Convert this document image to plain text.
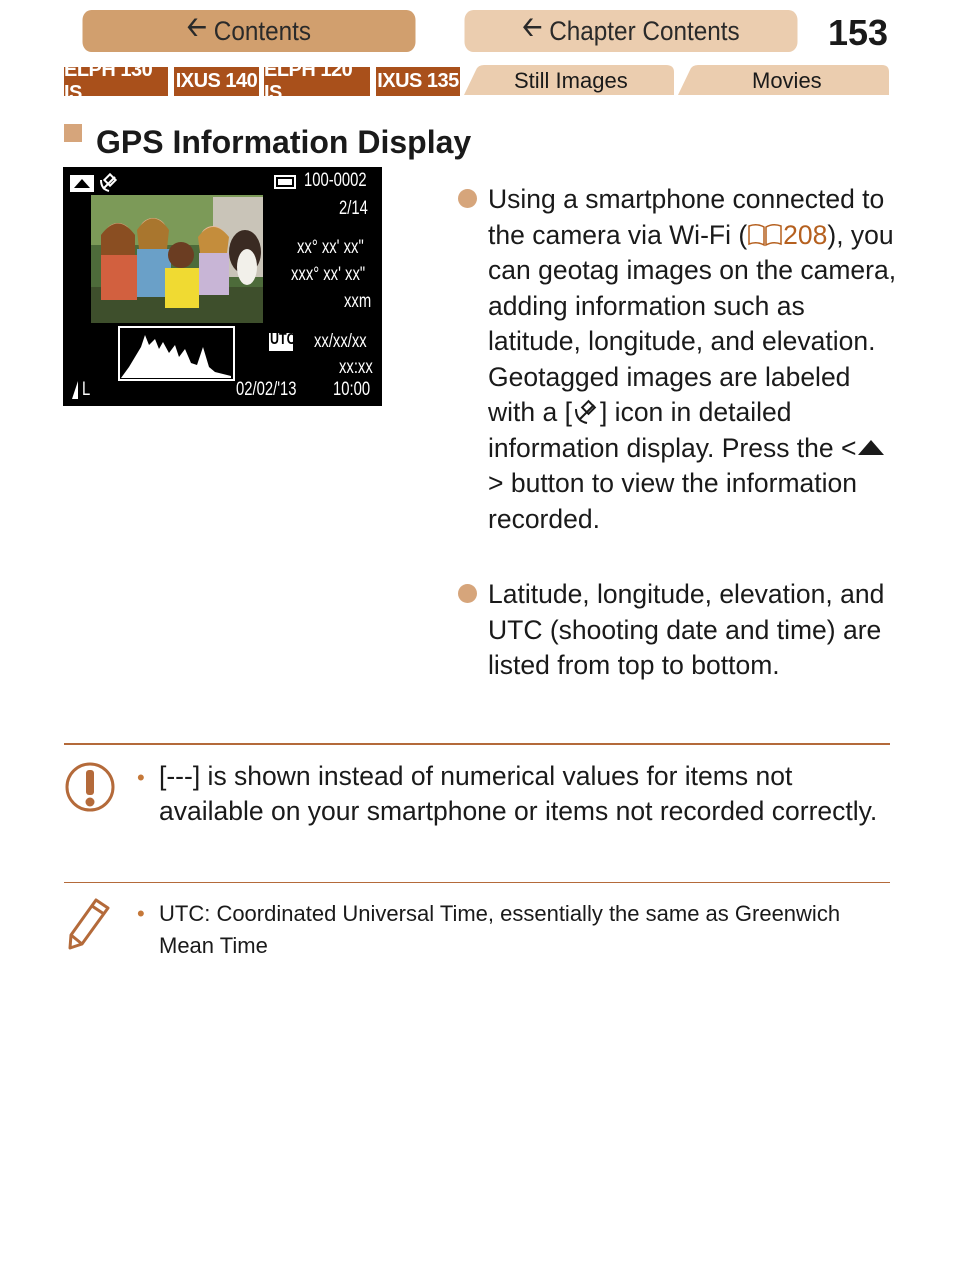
🡠 Contents	🡠 Chapter Contents 153
ELPH 130 IS
IXUS 140
ELPH 120 IS
IXUS 135	Still Images	Movies
GPS Information Display
100-0002
2/14
xx° xx' xx"
xxx° xx' xx"
xxm
UTC xx/xx/xx
xx:xx
02/02/'13 10:00
L
Using a smartphone connected to the camera via Wi-Fi ( 208), you can geotag images on the camera, adding information such as latitude, longitude, and elevation. Geotagged images are labeled with a [ ] icon in detailed information display. Press the <> button to view the information recorded.
Latitude, longitude, elevation, and UTC (shooting date and time) are listed from top to bottom.
• [---] is shown instead of numerical values for items not available on your smartphone or items not recorded correctly.
• UTC: Coordinated Universal Time, essentially the same as Greenwich Mean Time
